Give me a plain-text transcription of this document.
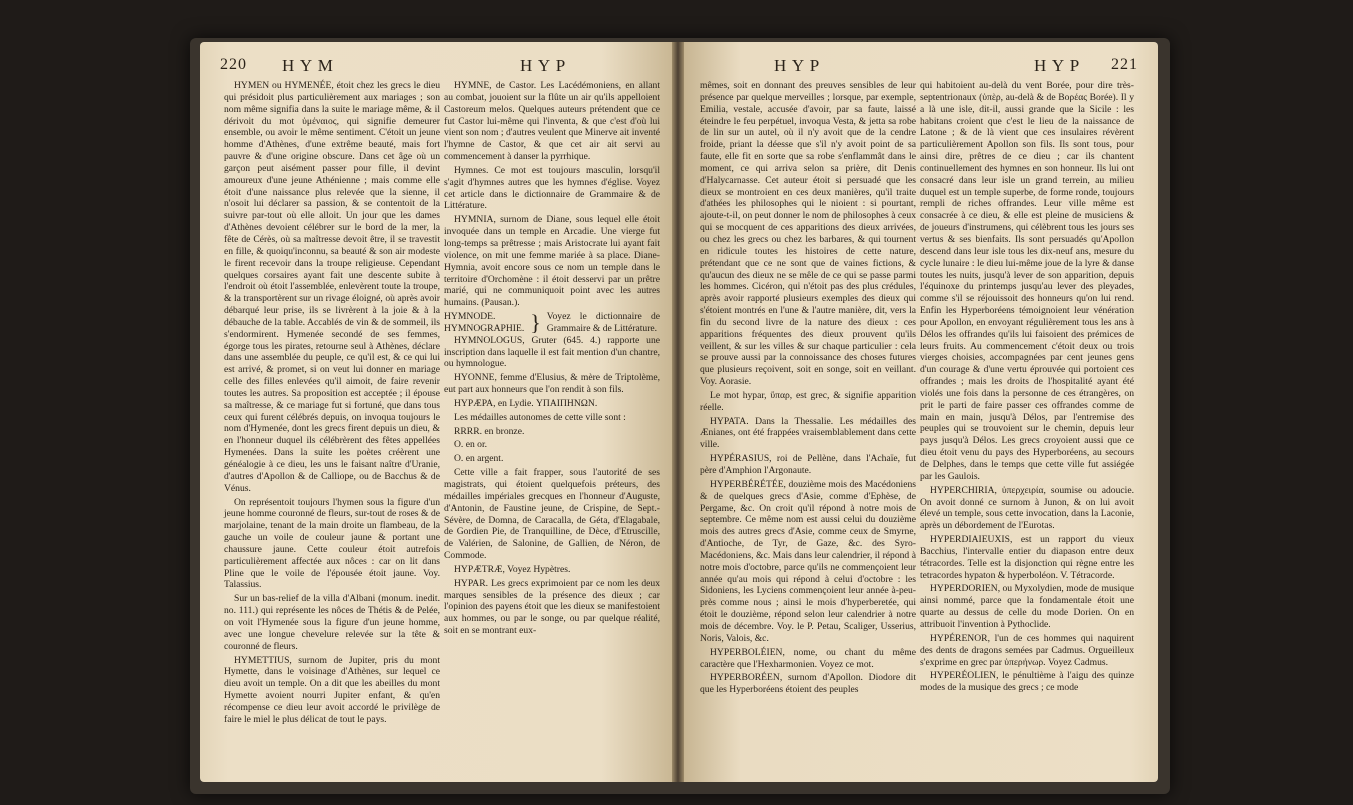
220 H Y M	H Y P

HYMEN ou HYMENÉE, étoit chez les grecs le dieu qui présidoit plus particulièrement aux mariages ; son nom même signifia dans la suite le mariage même, & il dérivoit du mot ὑμέναιος, qui signifie demeurer ensemble, ou avoir le même sentiment. C'étoit un jeune homme d'Athènes, d'une extrême beauté, mais fort pauvre & d'une origine obscure. Dans cet âge où un garçon peut aisément passer pour fille, il devint amoureux d'une jeune Athénienne ; mais comme elle étoit d'une naissance plus relevée que la sienne, il n'osoit lui déclarer sa passion, & se contentoit de la suivre par-tout où elle alloit. Un jour que les dames d'Athènes devoient célébrer sur le bord de la mer, la fête de Cérès, où sa maîtresse devoit être, il se travestit en fille, & quoiqu'inconnu, sa beauté & son air modeste le firent recevoir dans la troupe religieuse. Cependant quelques corsaires ayant fait une descente subite à l'endroit où étoit l'assemblée, enlevèrent toute la troupe, & la transportèrent sur un rivage éloigné, où après avoir débarqué leur prise, ils se livrèrent à la joie & à la débauche de la table. Accablés de vin & de sommeil, ils s'endormirent. Hymenée secondé de ses femmes, égorge tous les pirates, retourne seul à Athènes, déclare dans une assemblée du peuple, ce qu'il est, & ce qui lui est arrivé, & promet, si on veut lui donner en mariage celle des filles enlevées qu'il aimoit, de faire revenir toutes les autres. Sa proposition est acceptée ; il épouse sa maîtresse, & ce mariage fut si fortuné, que dans tous ceux qui furent célébrés depuis, on invoqua toujours le nom d'Hymenée, dont les grecs firent depuis un dieu, & en l'honneur duquel ils célébrèrent des fêtes appellées Hymenées. Dans la suite les poètes créèrent une généalogie à ce dieu, les uns le faisant naître d'Uranie, d'autres d'Apollon & de Calliope, ou de Bacchus & de Vénus.

On représentoit toujours l'hymen sous la figure d'un jeune homme couronné de fleurs, sur-tout de roses & de marjolaine, tenant de la main droite un flambeau, de la gauche un voile de couleur jaune & portant une chaussure jaune. Cette couleur étoit autrefois particulièrement affectée aux nôces : car on lit dans Pline que le voile de l'épousée étoit jaune. Voy. Talassius.

Sur un bas-relief de la villa d'Albani (monum. inedit. no. 111.) qui représente les nôces de Thétis & de Pelée, on voit l'Hymenée sous la figure d'un jeune homme, avec une longue chevelure relevée sur la tête & couronné de fleurs.

HYMETTIUS, surnom de Jupiter, pris du mont Hymette, dans le voisinage d'Athènes, sur lequel ce dieu avoit un temple. On a dit que les abeilles du mont Hymette avoient nourri Jupiter enfant, & qu'en récompense ce dieu leur avoit accordé le privilège de faire le miel le plus délicat de tout le pays.

HYMNE, de Castor. Les Lacédémoniens, en allant au combat, jouoient sur la flûte un air qu'ils appelloient Castoreum melos. Quelques auteurs prétendent que ce fut Castor lui-même qui l'inventa, & que c'est d'où lui vient son nom ; d'autres veulent que Minerve ait inventé l'hymne de Castor, & que cet air ait servi au commencement à danser la pyrrhique.

Hymnes. Ce mot est toujours masculin, lorsqu'il s'agit d'hymnes autres que les hymnes d'église. Voyez cet article dans le dictionnaire de Grammaire & de Littérature.

HYMNIA, surnom de Diane, sous lequel elle étoit invoquée dans un temple en Arcadie. Une vierge fut long-temps sa prêtresse ; mais Aristocrate lui ayant fait violence, on mit une femme mariée à sa place. Diane-Hymnia, avoit encore sous ce nom un temple dans le territoire d'Orchomène : il étoit desservi par un prêtre marié, qui ne communiquoit point avec les autres humains. (Pausan.).

HYMNODE.
HYMNOGRAPHIE. } Voyez le dictionnaire de Grammaire & de Littérature.

HYMNOLOGUS, Gruter (645. 4.) rapporte une inscription dans laquelle il est fait mention d'un chantre, ou hymnologue.

HYONNE, femme d'Elusius, & mère de Triptolème, eut part aux honneurs que l'on rendit à son fils.

HYPÆPA, en Lydie. ΥΠΑΙΠΗΝΩΝ.

Les médailles autonomes de cette ville sont :

RRRR. en bronze.

O. en or.

O. en argent.

Cette ville a fait frapper, sous l'autorité de ses magistrats, qui étoient quelquefois préteurs, des médailles impériales grecques en l'honneur d'Auguste, d'Antonin, de Faustine jeune, de Crispine, de Sept.-Sévère, de Domna, de Caracalla, de Géta, d'Elagabale, de Gordien Pie, de Tranquilline, de Dèce, d'Etruscille, de Valérien, de Salonine, de Gallien, de Néron, de Commode.

HYPÆTRÆ, Voyez Hypètres.

HYPAR. Les grecs exprimoient par ce nom les deux marques sensibles de la présence des dieux ; car l'opinion des payens étoit que les dieux se manifestoient aux hommes, ou par le songe, ou par quelque réalité, soit en se montrant eux-

H Y P	H Y P 221

mêmes, soit en donnant des preuves sensibles de leur présence par quelque merveilles ; lorsque, par exemple, Emilia, vestale, accusée d'avoir, par sa faute, laissé éteindre le feu perpétuel, invoqua Vesta, & jetta sa robe de lin sur un autel, où il n'y avoit que de la cendre froide, priant la déesse que s'il n'y avoit point de sa faute, elle fit en sorte que sa robe s'enflammât dans le moment, ce qui arriva selon sa prière, dit Denis d'Halycarnasse. Cet auteur étoit si persuadé que les dieux se montroient en ces deux manières, qu'il traite d'athées les philosophes qui le nioient : si pourtant, ajoute-t-il, on peut donner le nom de philosophes à ceux qui se mocquent de ces apparitions des dieux arrivées, ou chez les grecs ou chez les barbares, & qui tournent en ridicule toutes les histoires de cette nature, prétendant que ce ne sont que de vaines fictions, & qu'aucun des dieux ne se mêle de ce qui se passe parmi les hommes. Cicéron, qui n'étoit pas des plus crédules, après avoir rapporté plusieurs exemples des dieux qui s'étoient montrés en l'une & l'autre manière, dit, vers la fin du second livre de la nature des dieux : ces apparitions fréquentes des dieux prouvent qu'ils veillent, & sur les villes & sur chaque particulier : cela se prouve aussi par la connoissance des choses futures que plusieurs reçoivent, soit en songe, soit en veillant. Voy. Aorasie.

Le mot hypar, ὕπαρ, est grec, & signifie apparition réelle.

HYPATA. Dans la Thessalie. Les médailles des Ænianes, ont été frappées vraisemblablement dans cette ville.

HYPÉRASIUS, roi de Pellène, dans l'Achaïe, fut père d'Amphion l'Argonaute.

HYPERBÉRÉTÉE, douzième mois des Macédoniens & de quelques grecs d'Asie, comme d'Ephèse, de Pergame, &c. On croit qu'il répond à notre mois de septembre. Ce même nom est aussi celui du douzième mois des autres grecs d'Asie, comme ceux de Smyrne, d'Antioche, de Tyr, de Gaze, &c. des Syro-Macédoniens, &c. Mais dans leur calendrier, il répond à notre mois d'octobre, parce qu'ils ne commençoient leur année qu'au mois qui répond à celui d'octobre : les Sidoniens, les Lyciens commençoient leur année à-peu-près comme nous ; ainsi le mois d'hyperberetée, qui étoit le douzième, répond selon leur calendrier à notre mois de décembre. Voy. le P. Petau, Scaliger, Usserius, Noris, Valois, &c.

HYPERBOLÉIEN, nome, ou chant du même caractère que l'Hexharmonien. Voyez ce mot.

HYPERBORÉEN, surnom d'Apollon. Diodore dit que les Hyperboréens étoient des peuples

qui habitoient au-delà du vent Borée, pour dire très-septentrionaux (ὑπὲρ, au-delà & de Βορέας Borée). Il y a là une isle, dit-il, aussi grande que la Sicile : les habitans croient que c'est le lieu de la naissance de Latone ; & de là vient que ces insulaires révèrent particulièrement Apollon son fils. Ils sont tous, pour ainsi dire, prêtres de ce dieu ; car ils chantent continuellement des hymnes en son honneur. Ils lui ont consacré dans leur isle un grand terrein, au milieu duquel est un temple superbe, de forme ronde, toujours rempli de riches offrandes. Leur ville même est consacrée à ce dieu, & elle est pleine de musiciens & de joueurs d'instrumens, qui célèbrent tous les jours ses vertus & ses bienfaits. Ils sont persuadés qu'Apollon descend dans leur isle tous les dix-neuf ans, mesure du cycle lunaire : le dieu lui-même joue de la lyre & danse toutes les nuits, jusqu'à lever de son apparition, depuis l'équinoxe du printemps jusqu'au lever des pleyades, comme s'il se réjouissoit des honneurs qu'on lui rend. Enfin les Hyperboréens témoignoient leur vénération pour Apollon, en envoyant régulièrement tous les ans à Délos les offrandes qu'ils lui faisoient des prémices de leurs fruits. Au commencement c'étoit deux ou trois vierges choisies, accompagnées par cent jeunes gens d'un courage & d'une vertu éprouvée qui portoient ces offrandes ; mais les droits de l'hospitalité ayant été violés une fois dans la personne de ces étrangères, on prit le parti de faire passer ces offrandes comme de main en main, jusqu'à Délos, par l'entremise des peuples qui se trouvoient sur le chemin, depuis leur pays jusqu'à Délos. Les grecs croyoient aussi que ce dieu étoit venu du pays des Hyperboréens, au secours de Delphes, dans le temps que cette ville fut assiégée par les Gaulois.

HYPERCHIRIA, ὑπερχειρία, soumise ou adoucie. On avoit donné ce surnom à Junon, & on lui avoit élevé un temple, sous cette invocation, dans la Laconie, après un débordement de l'Eurotas.

HYPERDIAIEUXIS, est un rapport du vieux Bacchius, l'intervalle entier du diapason entre deux tétracordes. Telle est la disjonction qui règne entre les tetracordes hypaton & hyperboléon. V. Tétracorde.

HYPERDORIEN, ou Myxolydien, mode de musique ainsi nommé, parce que la fondamentale étoit une quarte au dessus de celle du mode Dorien. On en attribuoit l'invention à Pythoclide.

HYPÉRENOR, l'un de ces hommes qui naquirent des dents de dragons semées par Cadmus. Orgueilleux s'exprime en grec par ὑπερήνωρ. Voyez Cadmus.

HYPERÉOLIEN, le pénultième à l'aigu des quinze modes de la musique des grecs ; ce mode
